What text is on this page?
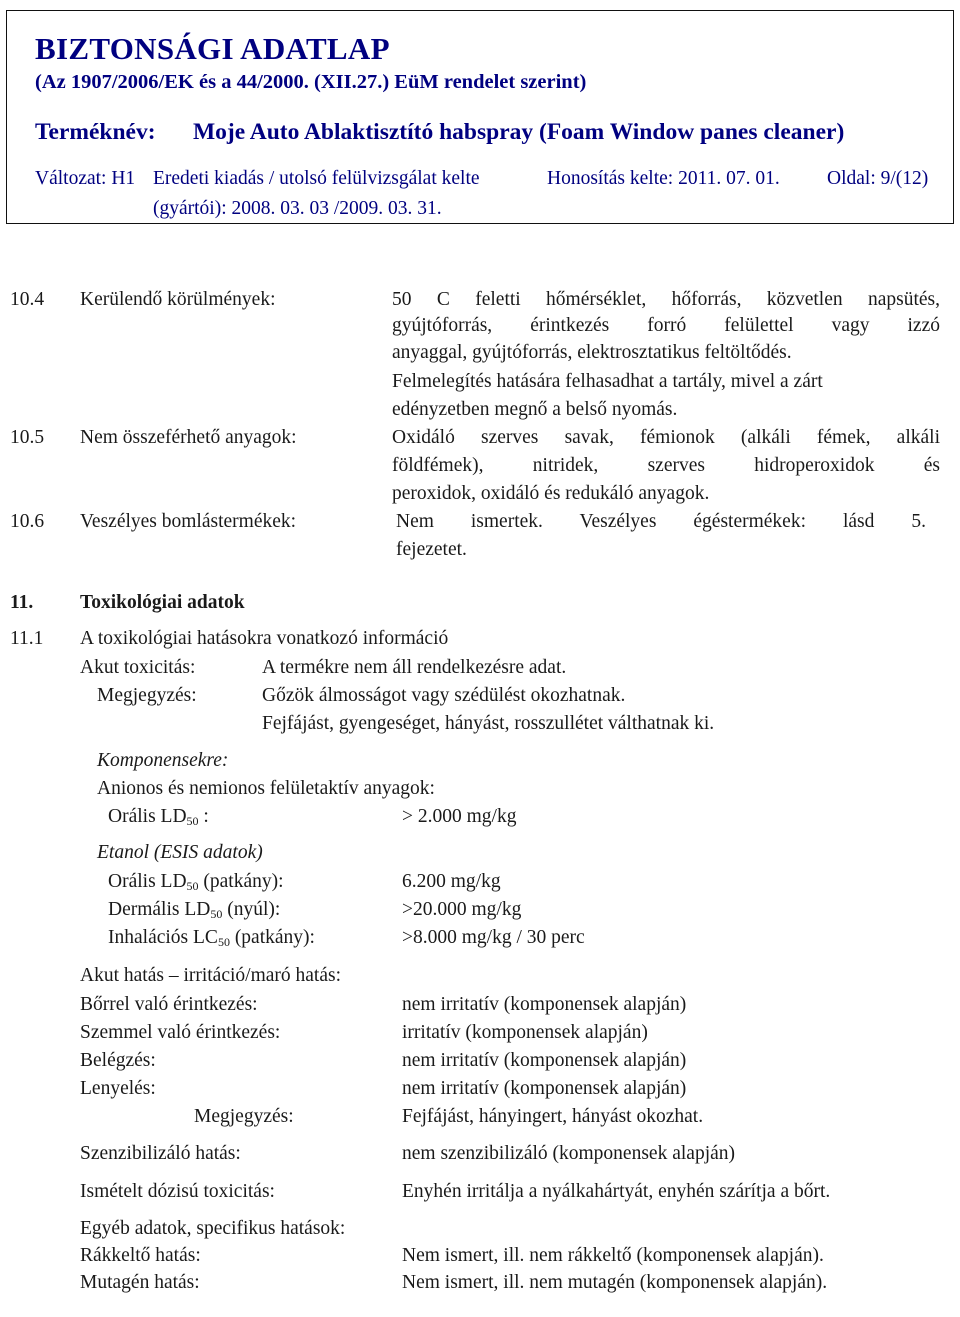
BIZTONSÁGI ADATLAP
(Az 1907/2006/EK és a 44/2000. (XII.27.) EüM rendelet szerint)
Terméknév: Moje Auto Ablaktisztító habspray (Foam Window panes cleaner)
Változat: H1 Eredeti kiadás / utolsó felülvizsgálat kelte
(gyártói): 2008. 03. 03 /2009. 03. 31.
Honosítás kelte: 2011. 07. 01. Oldal: 9/(12)
10.4 Kerülendő körülmények:	50 C feletti hőmérséklet, hőforrás, közvetlen napsütés,
gyújtóforrás, érintkezés forró felülettel vagy izzó
anyaggal, gyújtóforrás, elektrosztatikus feltöltődés.
Felmelegítés hatására felhasadhat a tartály, mivel a zárt
edényzetben megnő a belső nyomás.
10.5 Nem összeférhető anyagok:	Oxidáló szerves savak, fémionok (alkáli fémek, alkáli
földfémek), nitridek, szerves hidroperoxidok és
peroxidok, oxidáló és redukáló anyagok.
10.6 Veszélyes bomlástermékek:	Nem ismertek. Veszélyes égéstermékek: lásd 5.
fejezetet.
11. Toxikológiai adatok
11.1 A toxikológiai hatásokra vonatkozó információ
Akut toxicitás:	A termékre nem áll rendelkezésre adat.
Megjegyzés:	Gőzök álmosságot vagy szédülést okozhatnak.
Fejfájást, gyengeséget, hányást, rosszullétet válthatnak ki.
Komponensekre:
Anionos és nemionos felületaktív anyagok:
Orális $LD_{50}$ :	> 2.000 mg/kg
Etanol (ESIS adatok)
Orális $LD_{50}$ (patkány):	6.200 mg/kg
Dermális $LD_{50}$ (nyúl):	>20.000 mg/kg
Inhalációs $LC_{50}$ (patkány):	>8.000 mg/kg / 30 perc
Akut hatás – irritáció/maró hatás:
Bőrrel való érintkezés:	nem irritatív (komponensek alapján)
Szemmel való érintkezés:	irritatív (komponensek alapján)
Belégzés:	nem irritatív (komponensek alapján)
Lenyelés:	nem irritatív (komponensek alapján)
Megjegyzés:	Fejfájást, hányingert, hányást okozhat.
Szenzibilizáló hatás:	nem szenzibilizáló (komponensek alapján)
Ismételt dózisú toxicitás:	Enyhén irritálja a nyálkahártyát, enyhén szárítja a bőrt.
Egyéb adatok, specifikus hatások:
Rákkeltő hatás:	Nem ismert, ill. nem rákkeltő (komponensek alapján).
Mutagén hatás:	Nem ismert, ill. nem mutagén (komponensek alapján).
